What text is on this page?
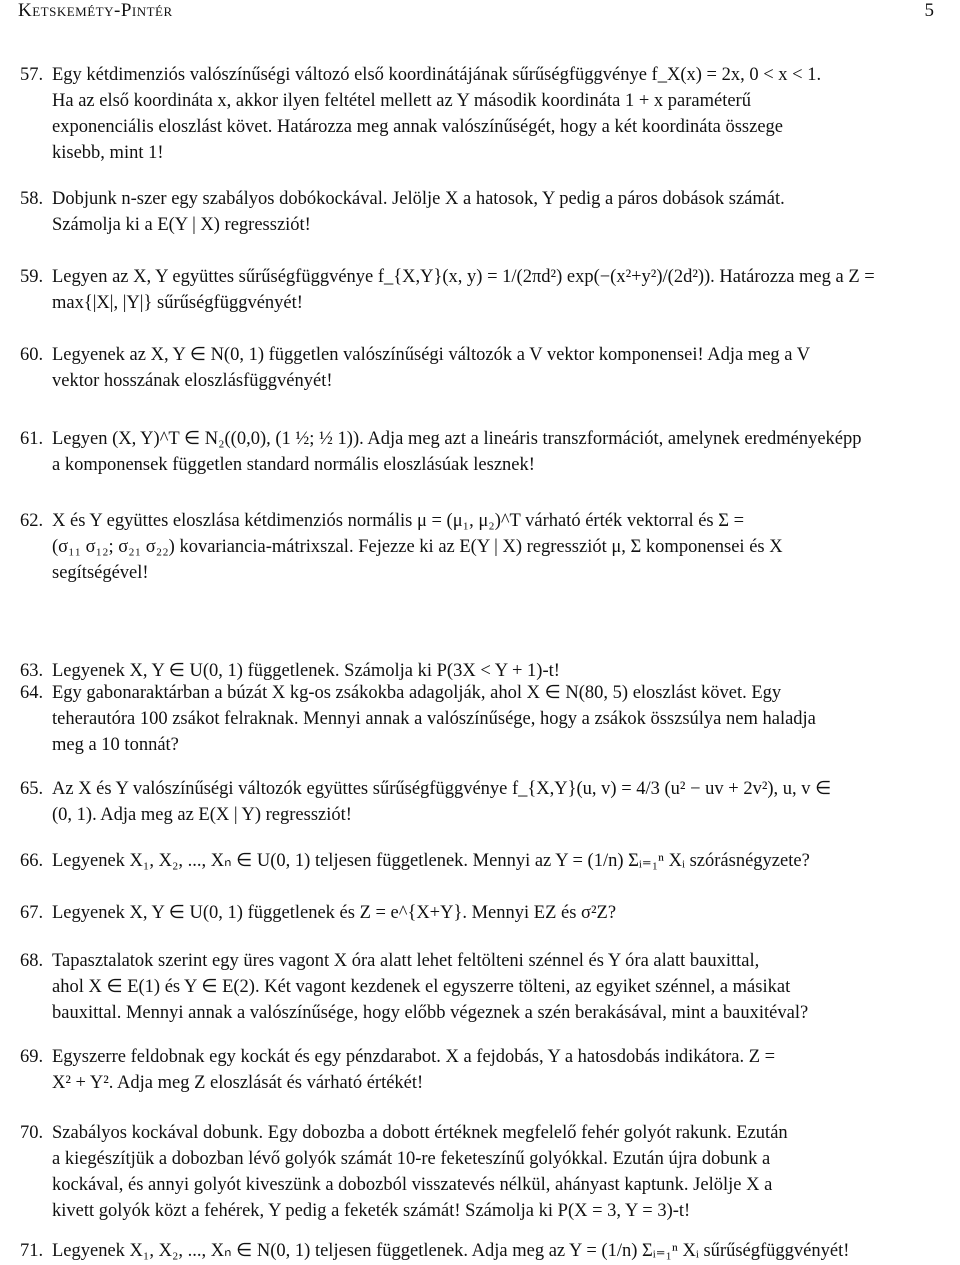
Ketskeméty-Pintér	5
57. Egy kétdimenziós valószínűségi változó első koordinátájának sűrűségfüggvénye f_X(x) = 2x, 0 < x < 1.
Ha az első koordináta x, akkor ilyen feltétel mellett az Y második koordináta 1 + x paraméterű
exponenciális eloszlást követ. Határozza meg annak valószínűségét, hogy a két koordináta összege
kisebb, mint 1!
58. Dobjunk n-szer egy szabályos dobókockával. Jelölje X a hatosok, Y pedig a páros dobások számát.
Számolja ki a E(Y | X) regressziót!
59. Legyen az X, Y együttes sűrűségfüggvénye f_{X,Y}(x, y) = 1/(2πd²) exp(−(x²+y²)/(2d²)). Határozza meg a Z =
max{|X|, |Y|} sűrűségfüggvényét!
60. Legyenek az X, Y ∈ N(0, 1) független valószínűségi változók a V vektor komponensei! Adja meg a V
vektor hosszának eloszlásfüggvényét!
61. Legyen (X, Y)^T ∈ N₂((0,0), (1 ½; ½ 1)). Adja meg azt a lineáris transzformációt, amelynek eredményeképp
a komponensek független standard normális eloszlásúak lesznek!
62. X és Y együttes eloszlása kétdimenziós normális μ = (μ₁, μ₂)^T várható érték vektorral és Σ =
(σ₁₁ σ₁₂; σ₂₁ σ₂₂) kovariancia-mátrixszal. Fejezze ki az E(Y | X) regressziót μ, Σ komponensei és X
segítségével!
63. Legyenek X, Y ∈ U(0, 1) függetlenek. Számolja ki P(3X < Y + 1)-t!
64. Egy gabonaraktárban a búzát X kg-os zsákokba adagolják, ahol X ∈ N(80, 5) eloszlást követ. Egy
teherautóra 100 zsákot felraknak. Mennyi annak a valószínűsége, hogy a zsákok összsúlya nem haladja
meg a 10 tonnát?
65. Az X és Y valószínűségi változók együttes sűrűségfüggvénye f_{X,Y}(u, v) = 4/3 (u² − uv + 2v²), u, v ∈
(0, 1). Adja meg az E(X | Y) regressziót!
66. Legyenek X₁, X₂, ..., Xₙ ∈ U(0, 1) teljesen függetlenek. Mennyi az Y = (1/n) Σᵢ₌₁ⁿ Xᵢ szórásnégyzete?
67. Legyenek X, Y ∈ U(0, 1) függetlenek és Z = e^{X+Y}. Mennyi EZ és σ²Z?
68. Tapasztalatok szerint egy üres vagont X óra alatt lehet feltölteni szénnel és Y óra alatt bauxittal,
ahol X ∈ E(1) és Y ∈ E(2). Két vagont kezdenek el egyszerre tölteni, az egyiket szénnel, a másikat
bauxittal. Mennyi annak a valószínűsége, hogy előbb végeznek a szén berakásával, mint a bauxitéval?
69. Egyszerre feldobnak egy kockát és egy pénzdarabot. X a fejdobás, Y a hatosdobás indikátora. Z =
X² + Y². Adja meg Z eloszlását és várható értékét!
70. Szabályos kockával dobunk. Egy dobozba a dobott értéknek megfelelő fehér golyót rakunk. Ezután
a kiegészítjük a dobozban lévő golyók számát 10-re feketeszínű golyókkal. Ezután újra dobunk a
kockával, és annyi golyót kiveszünk a dobozból visszatevés nélkül, ahányast kaptunk. Jelölje X a
kivett golyók közt a fehérek, Y pedig a feketék számát! Számolja ki P(X = 3, Y = 3)-t!
71. Legyenek X₁, X₂, ..., Xₙ ∈ N(0, 1) teljesen függetlenek. Adja meg az Y = (1/n) Σᵢ₌₁ⁿ Xᵢ sűrűségfüggvényét!
